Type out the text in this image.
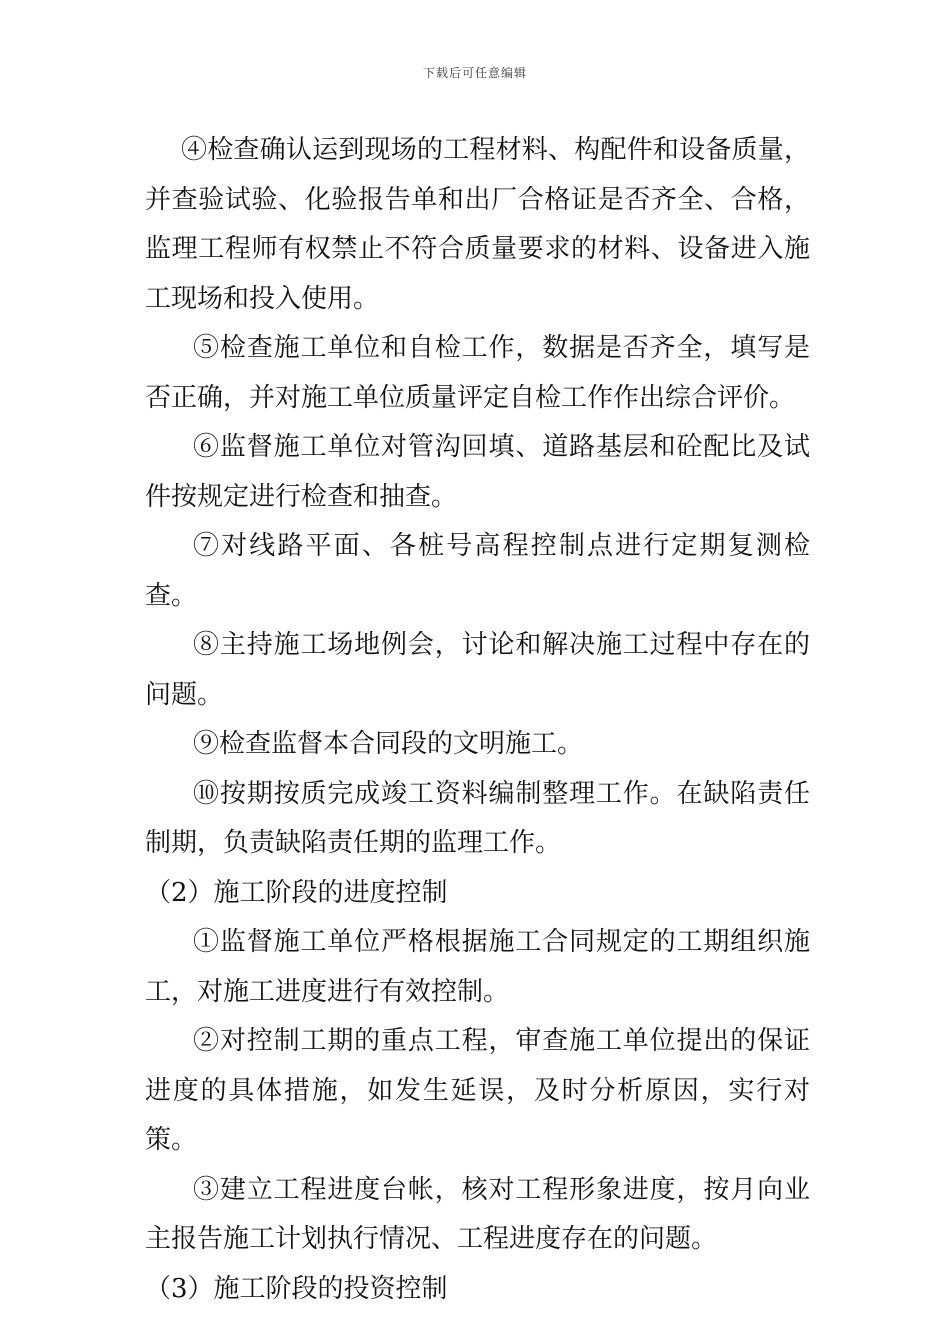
下载后可任意编辑

④检查确认运到现场的工程材料、构配件和设备质量，并查验试验、化验报告单和出厂合格证是否齐全、合格，监理工程师有权禁止不符合质量要求的材料、设备进入施工现场和投入使用。

⑤检查施工单位和自检工作，数据是否齐全，填写是否正确，并对施工单位质量评定自检工作作出综合评价。

⑥监督施工单位对管沟回填、道路基层和砼配比及试件按规定进行检查和抽查。

⑦对线路平面、各桩号高程控制点进行定期复测检查。

⑧主持施工场地例会，讨论和解决施工过程中存在的问题。

⑨检查监督本合同段的文明施工。

⑩按期按质完成竣工资料编制整理工作。在缺陷责任制期，负责缺陷责任期的监理工作。

（2）施工阶段的进度控制

①监督施工单位严格根据施工合同规定的工期组织施工，对施工进度进行有效控制。

②对控制工期的重点工程，审查施工单位提出的保证进度的具体措施，如发生延误，及时分析原因，实行对策。

③建立工程进度台帐，核对工程形象进度，按月向业主报告施工计划执行情况、工程进度存在的问题。

（3）施工阶段的投资控制
